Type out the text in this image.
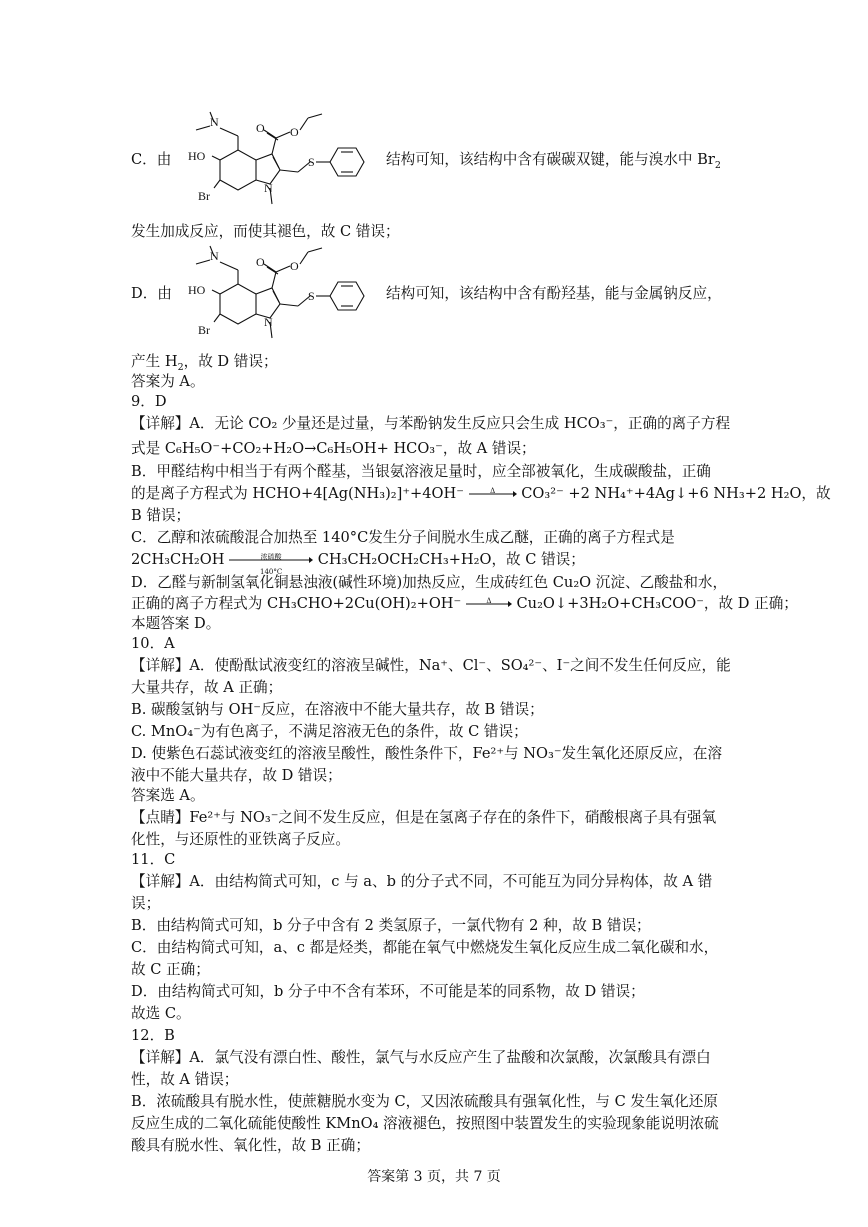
C．由	结构可知，该结构中含有碳碳双键，能与溴水中 $Br_2$
HO
Br
N
N
S
O O
发生加成反应，而使其褪色，故 C 错误；
D．由	结构可知，该结构中含有酚羟基，能与金属钠反应，
HO
Br
N
N
S
O O
产生 $H_2$，故 D 错误；
答案为 A。
9．D
【详解】A．无论 CO₂ 少量还是过量，与苯酚钠发生反应只会生成 HCO₃⁻，正确的离子方程
式是 C₆H₅O⁻+CO₂+H₂O→C₆H₅OH+ HCO₃⁻，故 A 错误；
B．甲醛结构中相当于有两个醛基，当银氨溶液足量时，应全部被氧化，生成碳酸盐，正确
的是离子方程式为 HCHO+4[Ag(NH₃)₂]⁺+4OH⁻	Δ	CO₃²⁻ +2 NH₄⁺+4Ag↓+6 NH₃+2 H₂O，故
B 错误；
C．乙醇和浓硫酸混合加热至 140°C发生分子间脱水生成乙醚，正确的离子方程式是
2CH₃CH₂OH	浓硫酸
140°C
CH₃CH₂OCH₂CH₃+H₂O，故 C 错误；
D．乙醛与新制氢氧化铜悬浊液(碱性环境)加热反应，生成砖红色 Cu₂O 沉淀、乙酸盐和水，
正确的离子方程式为 CH₃CHO+2Cu(OH)₂+OH⁻	Δ	Cu₂O↓+3H₂O+CH₃COO⁻，故 D 正确；
本题答案 D。
10．A
【详解】A．使酚酞试液变红的溶液呈碱性，Na⁺、Cl⁻、SO₄²⁻、I⁻之间不发生任何反应，能
大量共存，故 A 正确；
B. 碳酸氢钠与 OH⁻反应，在溶液中不能大量共存，故 B 错误；
C. MnO₄⁻为有色离子，不满足溶液无色的条件，故 C 错误；
D. 使紫色石蕊试液变红的溶液呈酸性，酸性条件下，Fe²⁺与 NO₃⁻发生氧化还原反应，在溶
液中不能大量共存，故 D 错误；
答案选 A。
【点睛】Fe²⁺与 NO₃⁻之间不发生反应，但是在氢离子存在的条件下，硝酸根离子具有强氧
化性，与还原性的亚铁离子反应。
11．C
【详解】A．由结构简式可知，c 与 a、b 的分子式不同，不可能互为同分异构体，故 A 错
误；
B．由结构简式可知，b 分子中含有 2 类氢原子，一氯代物有 2 种，故 B 错误；
C．由结构简式可知，a、c 都是烃类，都能在氧气中燃烧发生氧化反应生成二氧化碳和水，
故 C 正确；
D．由结构简式可知，b 分子中不含有苯环，不可能是苯的同系物，故 D 错误；
故选 C。
12．B
【详解】A．氯气没有漂白性、酸性，氯气与水反应产生了盐酸和次氯酸，次氯酸具有漂白
性，故 A 错误；
B．浓硫酸具有脱水性，使蔗糖脱水变为 C，又因浓硫酸具有强氧化性，与 C 发生氧化还原
反应生成的二氧化硫能使酸性 KMnO₄ 溶液褪色，按照图中装置发生的实验现象能说明浓硫
酸具有脱水性、氧化性，故 B 正确；
答案第 3 页，共 7 页
